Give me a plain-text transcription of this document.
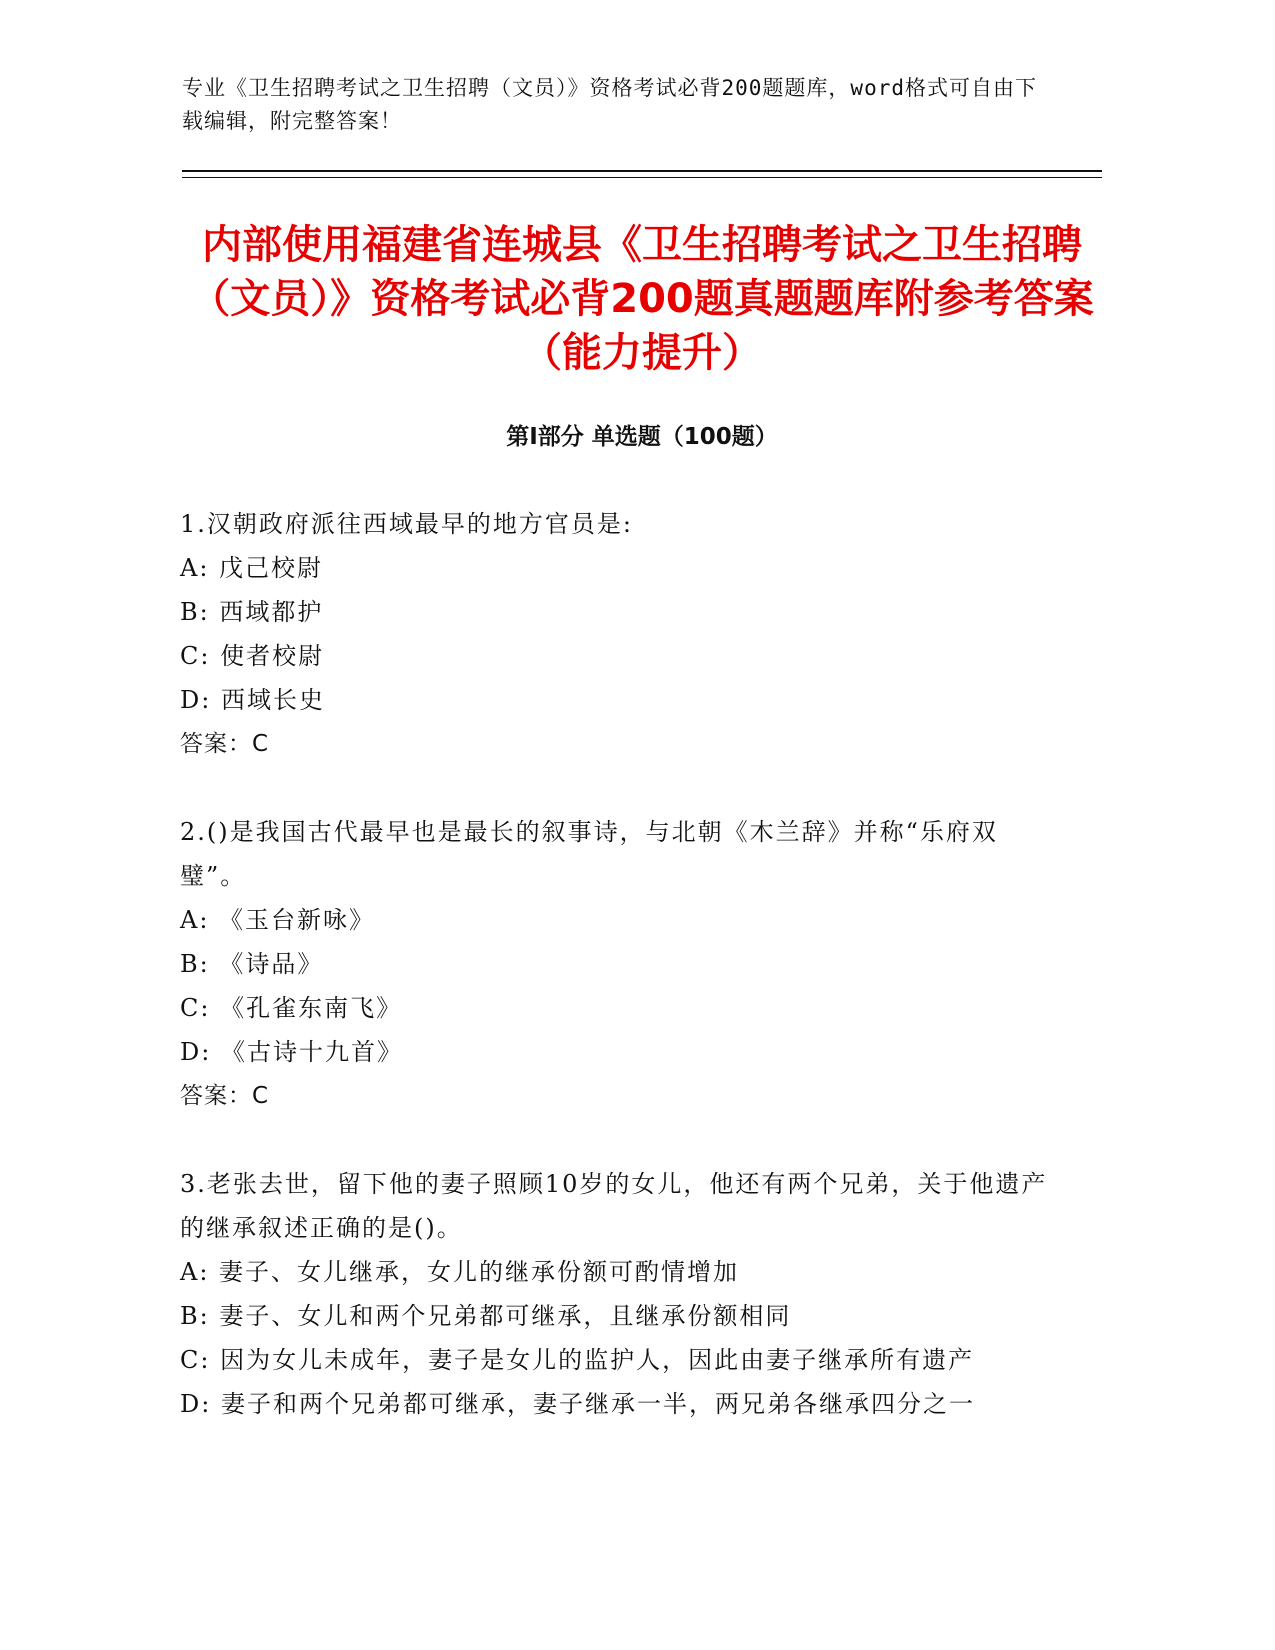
专业《卫生招聘考试之卫生招聘（文员）》资格考试必背200题题库，word格式可自由下载编辑，附完整答案！
内部使用福建省连城县《卫生招聘考试之卫生招聘（文员）》资格考试必背200题真题题库附参考答案（能力提升）
第Ⅰ部分 单选题（100题）

1.汉朝政府派往西域最早的地方官员是:

A: 戊己校尉

B: 西域都护

C: 使者校尉

D: 西域长史

答案：C

2.()是我国古代最早也是最长的叙事诗，与北朝《木兰辞》并称“乐府双璧”。

A: 《玉台新咏》

B: 《诗品》

C: 《孔雀东南飞》

D: 《古诗十九首》

答案：C

3.老张去世，留下他的妻子照顾10岁的女儿，他还有两个兄弟，关于他遗产的继承叙述正确的是()。

A: 妻子、女儿继承，女儿的继承份额可酌情增加

B: 妻子、女儿和两个兄弟都可继承，且继承份额相同

C: 因为女儿未成年，妻子是女儿的监护人，因此由妻子继承所有遗产

D: 妻子和两个兄弟都可继承，妻子继承一半，两兄弟各继承四分之一
